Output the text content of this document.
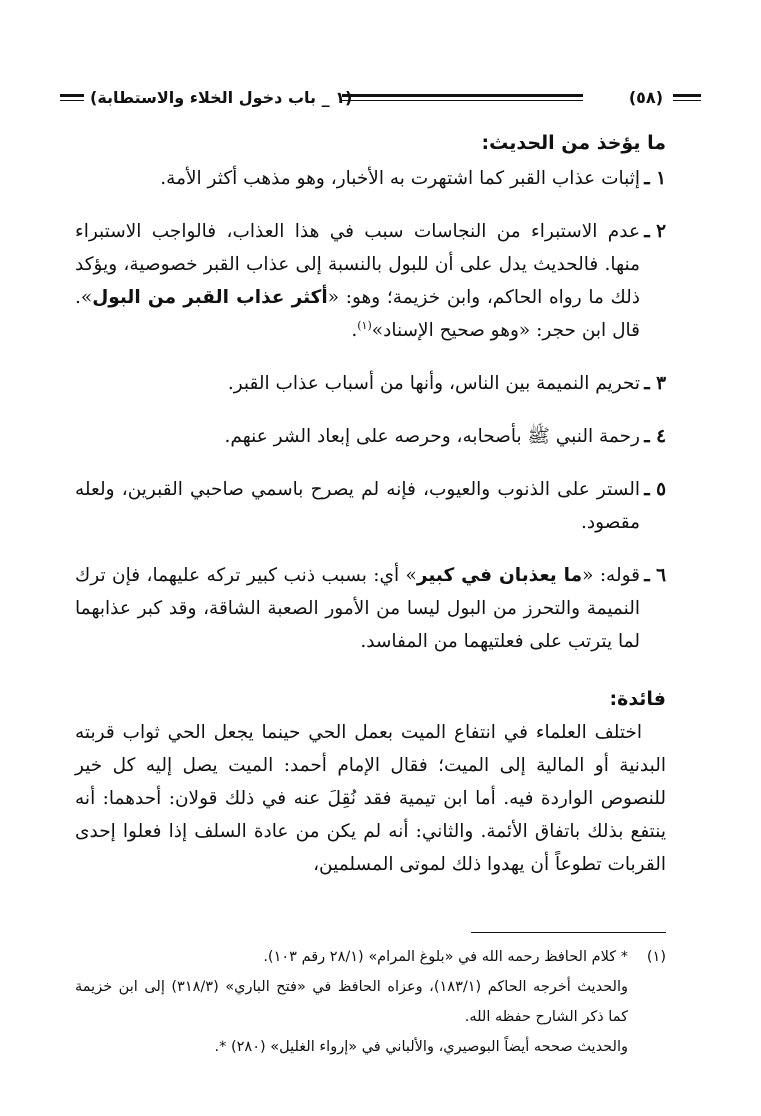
(٥٨)
(١ _ باب دخول الخلاء والاستطابة)
ما يؤخذ من الحديث:
١ ـ
إثبات عذاب القبر كما اشتهرت به الأخبار، وهو مذهب أكثر الأمة.
٢ ـ
عدم الاستبراء من النجاسات سبب في هذا العذاب، فالواجب الاستبراء منها. فالحديث يدل على أن للبول بالنسبة إلى عذاب القبر خصوصية، ويؤكد ذلك ما رواه الحاكم، وابن خزيمة؛ وهو: «أكثر عذاب القبر من البول». قال ابن حجر: «وهو صحيح الإسناد»$^{(١)}$.
٣ ـ
تحريم النميمة بين الناس، وأنها من أسباب عذاب القبر.
٤ ـ
رحمة النبي ﷺ بأصحابه، وحرصه على إبعاد الشر عنهم.
٥ ـ
الستر على الذنوب والعيوب، فإنه لم يصرح باسمي صاحبي القبرين، ولعله مقصود.
٦ ـ
قوله: «ما يعذبان في كبير» أي: بسبب ذنب كبير تركه عليهما، فإن ترك النميمة والتحرز من البول ليسا من الأمور الصعبة الشاقة، وقد كبر عذابهما لما يترتب على فعلتيهما من المفاسد.
فائدة:
اختلف العلماء في انتفاع الميت بعمل الحي حينما يجعل الحي ثواب قربته البدنية أو المالية إلى الميت؛ فقال الإمام أحمد: الميت يصل إليه كل خير للنصوص الواردة فيه. أما ابن تيمية فقد نُقِلَ عنه في ذلك قولان: أحدهما: أنه ينتفع بذلك باتفاق الأئمة. والثاني: أنه لم يكن من عادة السلف إذا فعلوا إحدى القربات تطوعاً أن يهدوا ذلك لموتى المسلمين،
(١)
* كلام الحافظ رحمه الله في «بلوغ المرام» (٢٨/١ رقم ١٠٣).
والحديث أخرجه الحاكم (١٨٣/١)، وعزاه الحافظ في «فتح الباري» (٣١٨/٣) إلى ابن خزيمة كما ذكر الشارح حفظه الله.
والحديث صححه أيضاً البوصيري، والألباني في «إرواء الغليل» (٢٨٠) *.
